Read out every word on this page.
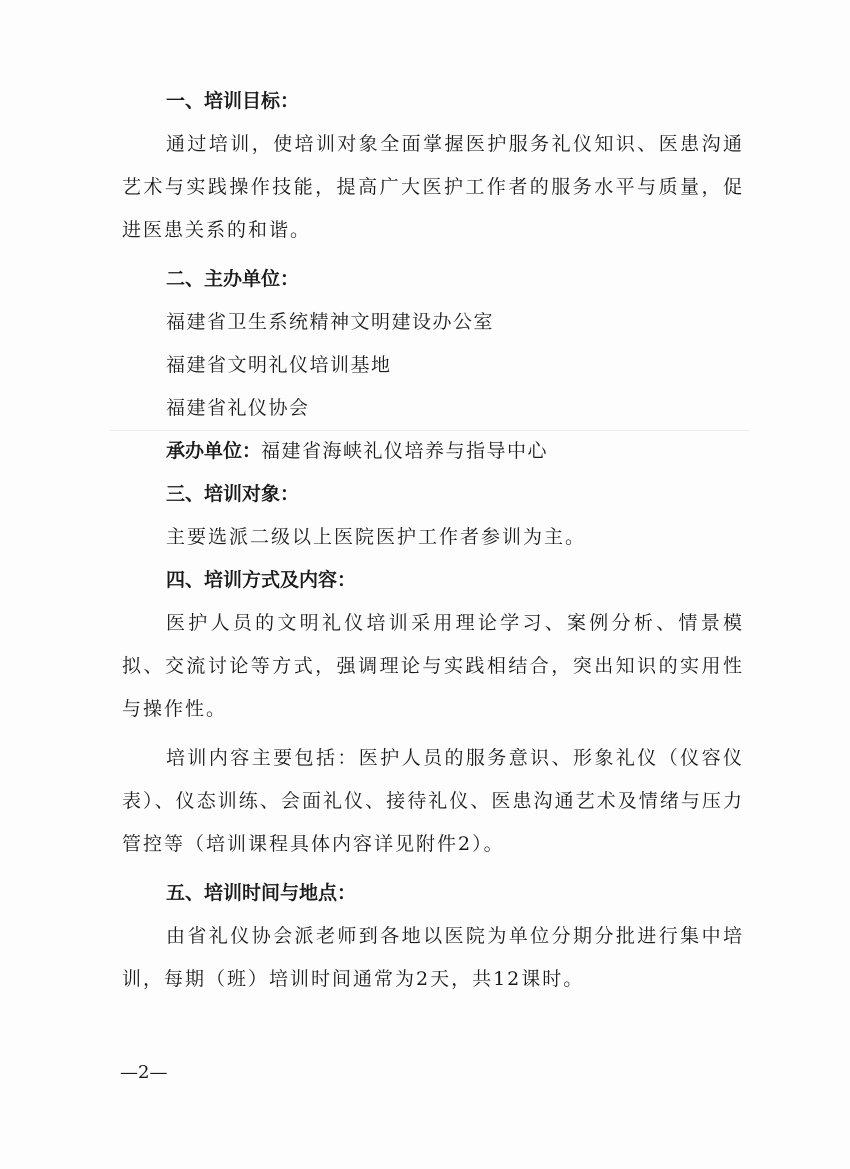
一、培训目标：

通过培训，使培训对象全面掌握医护服务礼仪知识、医患沟通艺术与实践操作技能，提高广大医护工作者的服务水平与质量，促进医患关系的和谐。

二、主办单位：

福建省卫生系统精神文明建设办公室

福建省文明礼仪培训基地

福建省礼仪协会

承办单位：福建省海峡礼仪培养与指导中心

三、培训对象：

主要选派二级以上医院医护工作者参训为主。

四、培训方式及内容：

医护人员的文明礼仪培训采用理论学习、案例分析、情景模拟、交流讨论等方式，强调理论与实践相结合，突出知识的实用性与操作性。

培训内容主要包括：医护人员的服务意识、形象礼仪（仪容仪表）、仪态训练、会面礼仪、接待礼仪、医患沟通艺术及情绪与压力管控等（培训课程具体内容详见附件2）。

五、培训时间与地点：

由省礼仪协会派老师到各地以医院为单位分期分批进行集中培训，每期（班）培训时间通常为2天，共12课时。

—2—
